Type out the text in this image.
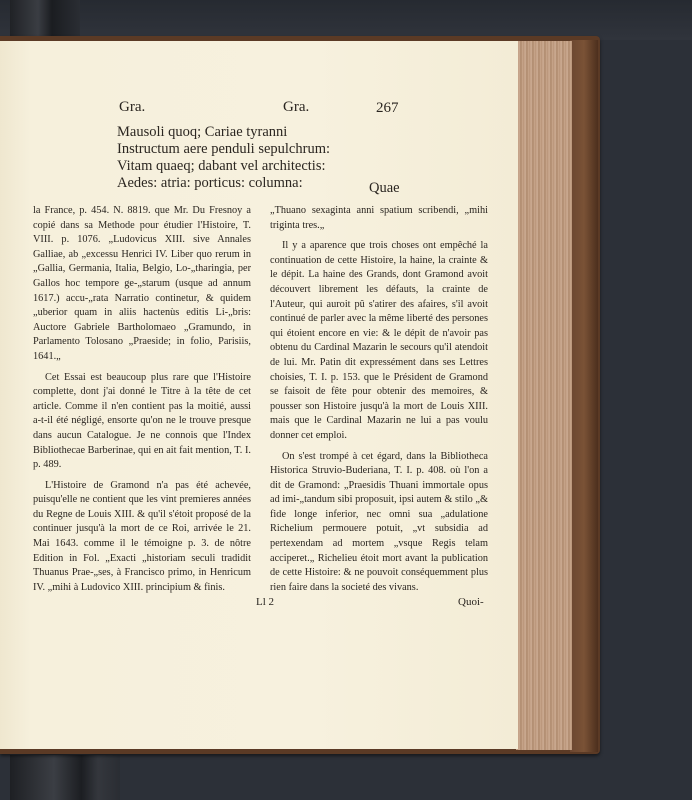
Gra.	Gra.	267
Mausoli quoq; Cariae tyranni
Instructum aere penduli sepulchrum:
Vitam quaeq; dabant vel architectis:
Aedes: atria: porticus: columna:	Quae

la France, p. 454. N. 8819. que Mr. Du Fresnoy a copié dans sa Methode pour étudier l'Histoire, T. VIII. p. 1076. „Ludovicus XIII. sive Annales Galliae, ab „excessu Henrici IV. Liber quo rerum in „Gallia, Germania, Italia, Belgio, Lo-„tharingia, per Gallos hoc tempore ge-„starum (usque ad annum 1617.) accu-„rata Narratio continetur, & quidem „uberior quam in aliis hactenùs editis Li-„bris: Auctore Gabriele Bartholomaeo „Gramundo, in Parlamento Tolosano „Praeside; in folio, Parisiis, 1641.„

Cet Essai est beaucoup plus rare que l'Histoire complette, dont j'ai donné le Titre à la tête de cet article. Comme il n'en contient pas la moitié, aussi a-t-il été négligé, ensorte qu'on ne le trouve presque dans aucun Catalogue. Je ne connois que l'Index Bibliothecae Barberinae, qui en ait fait mention, T. I. p. 489.

L'Histoire de Gramond n'a pas été achevée, puisqu'elle ne contient que les vint premieres années du Regne de Louis XIII. & qu'il s'étoit proposé de la continuer jusqu'à la mort de ce Roi, arrivée le 21. Mai 1643. comme il le témoigne p. 3. de nôtre Edition in Fol. „Exacti „historiam seculi tradidit Thuanus Prae-„ses, à Francisco primo, in Henricum IV. „mihi à Ludovico XIII. principium & finis.

„Thuano sexaginta anni spatium scribendi, „mihi triginta tres.„

Il y a aparence que trois choses ont empêché la continuation de cette Histoire, la haine, la crainte & le dépit. La haine des Grands, dont Gramond avoit découvert librement les défauts, la crainte de l'Auteur, qui auroit pû s'atirer des afaires, s'il avoit continué de parler avec la même liberté des persones qui étoient encore en vie: & le dépit de n'avoir pas obtenu du Cardinal Mazarin le secours qu'il atendoit de lui. Mr. Patin dit expressément dans ses Lettres choisies, T. I. p. 153. que le Président de Gramond se faisoit de fête pour obtenir des memoires, & pousser son Histoire jusqu'à la mort de Louis XIII. mais que le Cardinal Mazarin ne lui a pas voulu donner cet emploi.

On s'est trompé à cet égard, dans la Bibliotheca Historica Struvio-Buderiana, T. I. p. 408. où l'on a dit de Gramond: „Praesidis Thuani immortale opus ad imi-„tandum sibi proposuit, ipsi autem & stilo „& fide longe inferior, nec omni sua „adulatione Richelium permouere potuit, „vt subsidia ad pertexendam ad mortem „vsque Regis telam acciperet.„ Richelieu étoit mort avant la publication de cette Histoire: & ne pouvoit conséquemment plus rien faire dans la societé des vivans.

Ll 2	Quoi-
